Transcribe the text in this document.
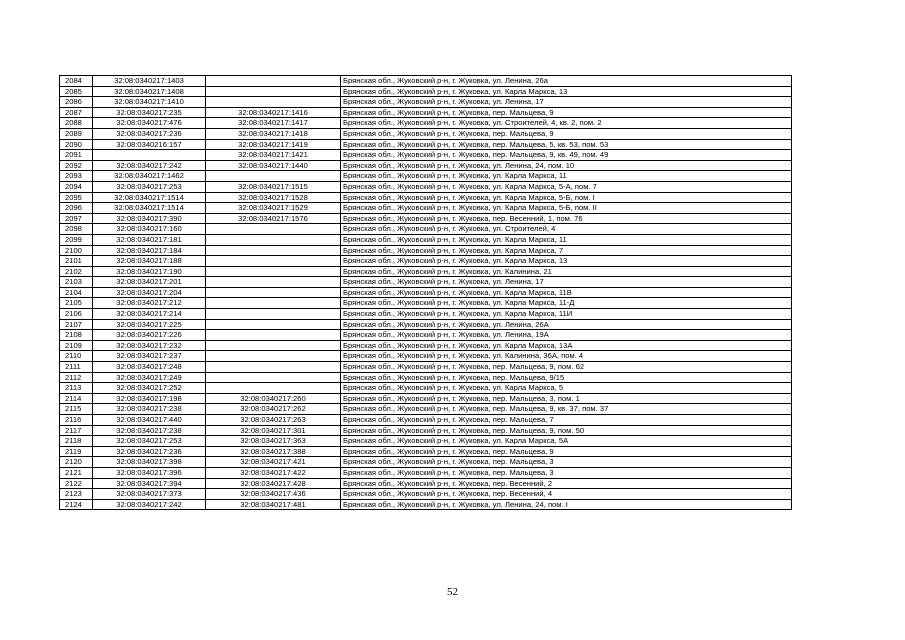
2084	32:08:0340217:1403		Брянская обл., Жуковский р-н, г. Жуковка, ул. Ленина, 26а
2085	32:08:0340217:1408		Брянская обл., Жуковский р-н, г. Жуковка, ул. Карла Маркса, 13
2086	32:08:0340217:1410		Брянская обл., Жуковский р-н, г. Жуковка, ул. Ленина, 17
2087	32:08:0340217:235	32:08:0340217:1416	Брянская обл., Жуковский р-н, г. Жуковка, пер. Мальцева, 9
2088	32:08:0340217:476	32:08:0340217:1417	Брянская обл., Жуковский р-н, г. Жуковка, ул. Строителей, 4, кв. 2, пом. 2
2089	32:08:0340217:236	32:08:0340217:1418	Брянская обл., Жуковский р-н, г. Жуковка, пер. Мальцева, 9
2090	32:08:0340216:157	32:08:0340217:1419	Брянская обл., Жуковский р-н, г. Жуковка, пер. Мальцева, 5, кв. 53, пом. 53
2091		32:08:0340217:1421	Брянская обл., Жуковский р-н, г. Жуковка, пер. Мальцева, 9, кв. 49, пом. 49
2092	32:08:0340217:242	32:08:0340217:1440	Брянская обл., Жуковский р-н, г. Жуковка, ул. Ленина, 24, пом. 10
2093	32:08:0340217:1462		Брянская обл., Жуковский р-н, г. Жуковка, ул. Карла Маркса, 11
2094	32:08:0340217:253	32:08:0340217:1515	Брянская обл., Жуковский р-н, г. Жуковка, ул. Карла Маркса, 5-А, пом. 7
2095	32:08:0340217:1514	32:08:0340217:1528	Брянская обл., Жуковский р-н, г. Жуковка, ул. Карла Маркса, 5-Б, пом. I
2096	32:08:0340217:1514	32:08:0340217:1529	Брянская обл., Жуковский р-н, г. Жуковка, ул. Карла Маркса, 5-Б, пом. II
2097	32:08:0340217:390	32:08:0340217:1576	Брянская обл., Жуковский р-н, г. Жуковка, пер. Весенний, 1, пом. 76
2098	32:08:0340217:160		Брянская обл., Жуковский р-н, г. Жуковка, ул. Строителей, 4
2099	32:08:0340217:181		Брянская обл., Жуковский р-н, г. Жуковка, ул. Карла Маркса, 11
2100	32:08:0340217:184		Брянская обл., Жуковский р-н, г. Жуковка, ул. Карла Маркса, 7
2101	32:08:0340217:188		Брянская обл., Жуковский р-н, г. Жуковка, ул. Карла Маркса, 13
2102	32:08:0340217:190		Брянская обл., Жуковский р-н, г. Жуковка, ул. Калинина, 21
2103	32:08:0340217:201		Брянская обл., Жуковский р-н, г. Жуковка, ул. Ленина, 17
2104	32:08:0340217:204		Брянская обл., Жуковский р-н, г. Жуковка, ул. Карла Маркса, 11В
2105	32:08:0340217:212		Брянская обл., Жуковский р-н, г. Жуковка, ул. Карла Маркса, 11-Д
2106	32:08:0340217:214		Брянская обл., Жуковский р-н, г. Жуковка, ул. Карла Маркса, 11И
2107	32:08:0340217:225		Брянская обл., Жуковский р-н, г. Жуковка, ул. Ленина, 26А
2108	32:08:0340217:226		Брянская обл., Жуковский р-н, г. Жуковка, ул. Ленина, 19А
2109	32:08:0340217:232		Брянская обл., Жуковский р-н, г. Жуковка, ул. Карла Маркса, 13А
2110	32:08:0340217:237		Брянская обл., Жуковский р-н, г. Жуковка, ул. Калинина, 36А, пом. 4
2111	32:08:0340217:248		Брянская обл., Жуковский р-н, г. Жуковка, пер. Мальцева, 9, пом. 62
2112	32:08:0340217:249		Брянская обл., Жуковский р-н, г. Жуковка, пер. Мальцева, 9/15
2113	32:08:0340217:252		Брянская обл., Жуковский р-н, г. Жуковка, ул. Карла Маркса, 5
2114	32:08:0340217:198	32:08:0340217:260	Брянская обл., Жуковский р-н, г. Жуковка, пер. Мальцева, 3, пом. 1
2115	32:08:0340217:238	32:08:0340217:262	Брянская обл., Жуковский р-н, г. Жуковка, пер. Мальцева, 9, кв. 37, пом. 37
2116	32:08:0340217:440	32:08:0340217:263	Брянская обл., Жуковский р-н, г. Жуковка, пер. Мальцева, 7
2117	32:08:0340217:238	32:08:0340217:301	Брянская обл., Жуковский р-н, г. Жуковка, пер. Мальцева, 9, пом. 50
2118	32:08:0340217:253	32:08:0340217:363	Брянская обл., Жуковский р-н, г. Жуковка, ул. Карла Маркса, 5А
2119	32:08:0340217:236	32:08:0340217:388	Брянская обл., Жуковский р-н, г. Жуковка, пер. Мальцева, 9
2120	32:08:0340217:398	32:08:0340217:421	Брянская обл., Жуковский р-н, г. Жуковка, пер. Мальцева, 3
2121	32:08:0340217:396	32:08:0340217:422	Брянская обл., Жуковский р-н, г. Жуковка, пер. Мальцева, 3
2122	32:08:0340217:394	32:08:0340217:428	Брянская обл., Жуковский р-н, г. Жуковка, пер. Весенний, 2
2123	32:08:0340217:373	32:08:0340217:436	Брянская обл., Жуковский р-н, г. Жуковка, пер. Весенний, 4
2124	32:08:0340217:242	32:08:0340217:481	Брянская обл., Жуковский р-н, г. Жуковка, ул. Ленина, 24, пом. I
52
